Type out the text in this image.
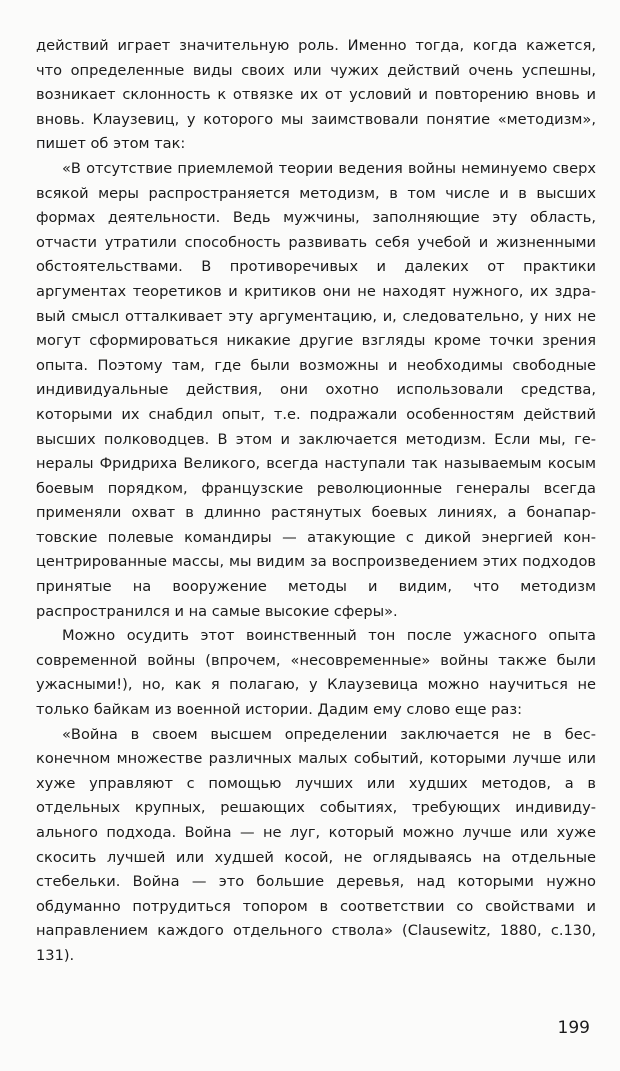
действий играет значительную роль. Именно тогда, когда кажется, что определенные виды своих или чужих действий очень успешны, возникает склонность к отвязке их от условий и повторению вновь и вновь. Клаузевиц, у которого мы заимствовали понятие «методизм», пишет об этом так:

«В отсутствие приемлемой теории ведения войны неминуемо сверх всякой меры распространяется методизм, в том числе и в высших формах деятельности. Ведь мужчины, заполняющие эту область, отчасти утратили способность развивать себя учебой и жизненными обстоятельствами. В противоречивых и далеких от практики аргументах теоретиков и критиков они не находят нужного, их здравый смысл отталкивает эту аргументацию, и, следовательно, у них не могут сформироваться никакие другие взгляды кроме точки зрения опыта. Поэтому там, где были возможны и необходимы свободные индивидуальные действия, они охотно использовали средства, которыми их снабдил опыт, т.е. подражали особенностям действий высших полководцев. В этом и заключается методизм. Если мы, генералы Фридриха Великого, всегда наступали так называемым косым боевым порядком, французские революционные генералы всегда применяли охват в длинно растянутых боевых линиях, а бонапартовские полевые командиры — атакующие с дикой энергией концентрированные массы, мы видим за воспроизведением этих подходов принятые на вооружение методы и видим, что методизм распространился и на самые высокие сферы».

Можно осудить этот воинственный тон после ужасного опыта современной войны (впрочем, «несовременные» войны также были ужасными!), но, как я полагаю, у Клаузевица можно научиться не только байкам из военной истории. Дадим ему слово еще раз:

«Война в своем высшем определении заключается не в бесконечном множестве различных малых событий, которыми лучше или хуже управляют с помощью лучших или худших методов, а в отдельных крупных, решающих событиях, требующих индивидуального подхода. Война — не луг, который можно лучше или хуже скосить лучшей или худшей косой, не оглядываясь на отдельные стебельки. Война — это большие деревья, над которыми нужно обдуманно потрудиться топором в соответствии со свойствами и направлением каждого отдельного ствола» (Clausewitz, 1880, с.130, 131).

199
